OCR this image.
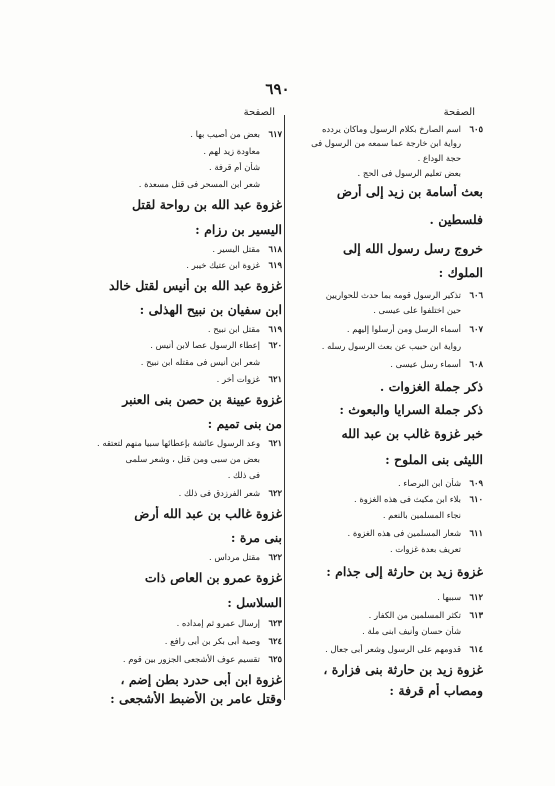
٦٩٠
الصفحة
الصفحة
٦٠٥
اسم الصارخ بكلام الرسول وماكان يردده
رواية ابن خارجة عما سمعه من الرسول فى
حجة الوداع .
بعض تعليم الرسول فى الحج .
بعث أسامة بن زيد إلى أرض
فلسطين .
خروج رسل رسول الله إلى
الملوك :
٦٠٦
تذكير الرسول قومه بما حدث للحواريين
حين اختلفوا على عيسى .
٦٠٧
أسماء الرسل ومن أرسلوا إليهم .
رواية ابن حبيب عن بعث الرسول رسله .
٦٠٨
أسماء رسل عيسى .
ذكر جملة الغزوات .
ذكر جملة السرايا والبعوث :
خبر غزوة غالب بن عبد الله
الليثى بنى الملوح :
٦٠٩
شأن ابن البرصاء .
٦١٠
بلاء ابن مكيث فى هذه الغزوة .
نجاء المسلمين بالنعم .
٦١١
شعار المسلمين فى هذه الغزوة .
تعريف بعدة غزوات .
غزوة زيد بن حارثة إلى جذام :
٦١٢
سببها .
٦١٣
تكثر المسلمين من الكفار .
شأن حسان وأنيف ابنى ملة .
٦١٤
قدومهم على الرسول وشعر أبى جعال .
غزوة زيد بن حارثة بنى فزارة ،
ومصاب أم قرفة :
٦١٧
بعض من أصيب بها .
معاودة زيد لهم .
شأن أم قرفة .
شعر ابن المسحر فى قتل مسعدة .
غزوة عبد الله بن رواحة لقتل
اليسير بن رزام :
٦١٨
مقتل اليسير .
٦١٩
غزوة ابن عتيك خيبر .
غزوة عبد الله بن أنيس لقتل خالد
ابن سفيان بن نبيح الهذلى :
٦١٩
مقتل ابن نبيح .
٦٢٠
إعطاء الرسول عصا لابن أنيس .
شعر ابن أنيس فى مقتله ابن نبيح .
٦٢١
غزوات أخر .
غزوة عيينة بن حصن بنى العنبر
من بنى تميم :
٦٢١
وعد الرسول عائشة بإعطائها سبيا منهم لتعتقه .
بعض من سبى ومن قتل ، وشعر سلمى
فى ذلك .
٦٢٢
شعر الفرزدق فى ذلك .
غزوة غالب بن عبد الله أرض
بنى مرة :
٦٢٢
مقتل مرداس .
غزوة عمرو بن العاص ذات
السلاسل :
٦٢٣
إرسال عمرو ثم إمداده .
٦٢٤
وصية أبى بكر بن أبى رافع .
٦٢٥
تقسيم عوف الأشجعى الجزور بين قوم .
غزوة ابن أبى حدرد بطن إضم ،
وقتل عامر بن الأضبط الأشجعى :
